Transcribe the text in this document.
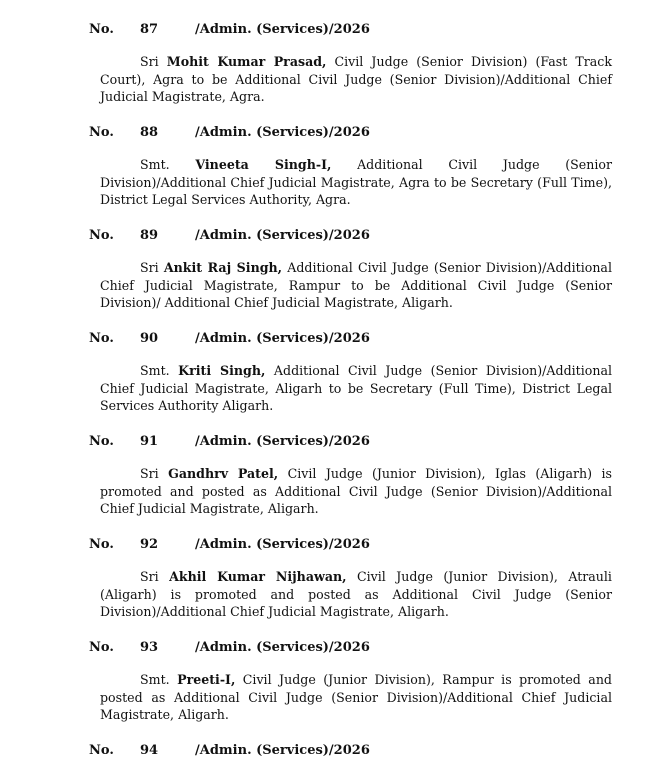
No. 87	/Admin. (Services)/2026

Sri Mohit Kumar Prasad, Civil Judge (Senior Division) (Fast Track Court), Agra to be Additional Civil Judge (Senior Division)/Additional Chief Judicial Magistrate, Agra.

No. 88	/Admin. (Services)/2026

Smt. Vineeta Singh-I, Additional Civil Judge (Senior Division)/Additional Chief Judicial Magistrate, Agra to be Secretary (Full Time), District Legal Services Authority, Agra.

No. 89	/Admin. (Services)/2026

Sri Ankit Raj Singh, Additional Civil Judge (Senior Division)/Additional Chief Judicial Magistrate, Rampur to be Additional Civil Judge (Senior Division)/ Additional Chief Judicial Magistrate, Aligarh.

No. 90	/Admin. (Services)/2026

Smt. Kriti Singh, Additional Civil Judge (Senior Division)/Additional Chief Judicial Magistrate, Aligarh to be Secretary (Full Time), District Legal Services Authority Aligarh.

No. 91	/Admin. (Services)/2026

Sri Gandhrv Patel, Civil Judge (Junior Division), Iglas (Aligarh) is promoted and posted as Additional Civil Judge (Senior Division)/Additional Chief Judicial Magistrate, Aligarh.

No. 92	/Admin. (Services)/2026

Sri Akhil Kumar Nijhawan, Civil Judge (Junior Division), Atrauli (Aligarh) is promoted and posted as Additional Civil Judge (Senior Division)/Additional Chief Judicial Magistrate, Aligarh.

No. 93	/Admin. (Services)/2026

Smt. Preeti-I, Civil Judge (Junior Division), Rampur is promoted and posted as Additional Civil Judge (Senior Division)/Additional Chief Judicial Magistrate, Aligarh.

No. 94	/Admin. (Services)/2026
